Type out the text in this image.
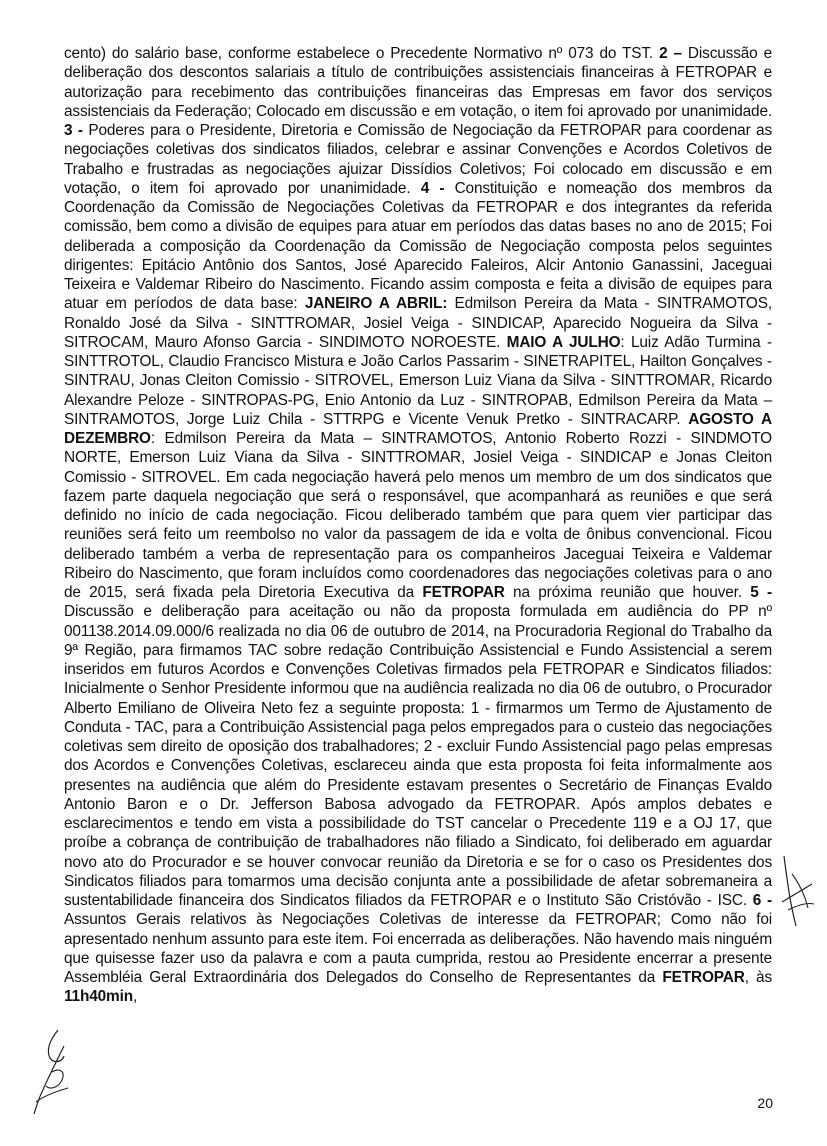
cento) do salário base, conforme estabelece o Precedente Normativo nº 073 do TST. 2 – Discussão e deliberação dos descontos salariais a título de contribuições assistenciais financeiras à FETROPAR e autorização para recebimento das contribuições financeiras das Empresas em favor dos serviços assistenciais da Federação; Colocado em discussão e em votação, o item foi aprovado por unanimidade. 3 - Poderes para o Presidente, Diretoria e Comissão de Negociação da FETROPAR para coordenar as negociações coletivas dos sindicatos filiados, celebrar e assinar Convenções e Acordos Coletivos de Trabalho e frustradas as negociações ajuizar Dissídios Coletivos; Foi colocado em discussão e em votação, o item foi aprovado por unanimidade. 4 - Constituição e nomeação dos membros da Coordenação da Comissão de Negociações Coletivas da FETROPAR e dos integrantes da referida comissão, bem como a divisão de equipes para atuar em períodos das datas bases no ano de 2015; Foi deliberada a composição da Coordenação da Comissão de Negociação composta pelos seguintes dirigentes: Epitácio Antônio dos Santos, José Aparecido Faleiros, Alcir Antonio Ganassini, Jaceguai Teixeira e Valdemar Ribeiro do Nascimento. Ficando assim composta e feita a divisão de equipes para atuar em períodos de data base: JANEIRO A ABRIL: Edmilson Pereira da Mata - SINTRAMOTOS, Ronaldo José da Silva - SINTTROMAR, Josiel Veiga - SINDICAP, Aparecido Nogueira da Silva - SITROCAM, Mauro Afonso Garcia - SINDIMOTO NOROESTE. MAIO A JULHO: Luiz Adão Turmina - SINTTROTOL, Claudio Francisco Mistura e João Carlos Passarim - SINETRAPITEL, Hailton Gonçalves - SINTRAU, Jonas Cleiton Comissio - SITROVEL, Emerson Luiz Viana da Silva - SINTTROMAR, Ricardo Alexandre Peloze - SINTROPAS-PG, Enio Antonio da Luz - SINTROPAB, Edmilson Pereira da Mata – SINTRAMOTOS, Jorge Luiz Chila - STTRPG e Vicente Venuk Pretko - SINTRACARP. AGOSTO A DEZEMBRO: Edmilson Pereira da Mata – SINTRAMOTOS, Antonio Roberto Rozzi - SINDMOTO NORTE, Emerson Luiz Viana da Silva - SINTTROMAR, Josiel Veiga - SINDICAP e Jonas Cleiton Comissio - SITROVEL. Em cada negociação haverá pelo menos um membro de um dos sindicatos que fazem parte daquela negociação que será o responsável, que acompanhará as reuniões e que será definido no início de cada negociação. Ficou deliberado também que para quem vier participar das reuniões será feito um reembolso no valor da passagem de ida e volta de ônibus convencional. Ficou deliberado também a verba de representação para os companheiros Jaceguai Teixeira e Valdemar Ribeiro do Nascimento, que foram incluídos como coordenadores das negociações coletivas para o ano de 2015, será fixada pela Diretoria Executiva da FETROPAR na próxima reunião que houver. 5 - Discussão e deliberação para aceitação ou não da proposta formulada em audiência do PP nº 001138.2014.09.000/6 realizada no dia 06 de outubro de 2014, na Procuradoria Regional do Trabalho da 9ª Região, para firmamos TAC sobre redação Contribuição Assistencial e Fundo Assistencial a serem inseridos em futuros Acordos e Convenções Coletivas firmados pela FETROPAR e Sindicatos filiados: Inicialmente o Senhor Presidente informou que na audiência realizada no dia 06 de outubro, o Procurador Alberto Emiliano de Oliveira Neto fez a seguinte proposta: 1 - firmarmos um Termo de Ajustamento de Conduta - TAC, para a Contribuição Assistencial paga pelos empregados para o custeio das negociações coletivas sem direito de oposição dos trabalhadores; 2 - excluir Fundo Assistencial pago pelas empresas dos Acordos e Convenções Coletivas, esclareceu ainda que esta proposta foi feita informalmente aos presentes na audiência que além do Presidente estavam presentes o Secretário de Finanças Evaldo Antonio Baron e o Dr. Jefferson Babosa advogado da FETROPAR. Após amplos debates e esclarecimentos e tendo em vista a possibilidade do TST cancelar o Precedente 119 e a OJ 17, que proíbe a cobrança de contribuição de trabalhadores não filiado a Sindicato, foi deliberado em aguardar novo ato do Procurador e se houver convocar reunião da Diretoria e se for o caso os Presidentes dos Sindicatos filiados para tomarmos uma decisão conjunta ante a possibilidade de afetar sobremaneira a sustentabilidade financeira dos Sindicatos filiados da FETROPAR e o Instituto São Cristóvão - ISC. 6 - Assuntos Gerais relativos às Negociações Coletivas de interesse da FETROPAR; Como não foi apresentado nenhum assunto para este item. Foi encerrada as deliberações. Não havendo mais ninguém que quisesse fazer uso da palavra e com a pauta cumprida, restou ao Presidente encerrar a presente Assembléia Geral Extraordinária dos Delegados do Conselho de Representantes da FETROPAR, às 11h40min,

20
